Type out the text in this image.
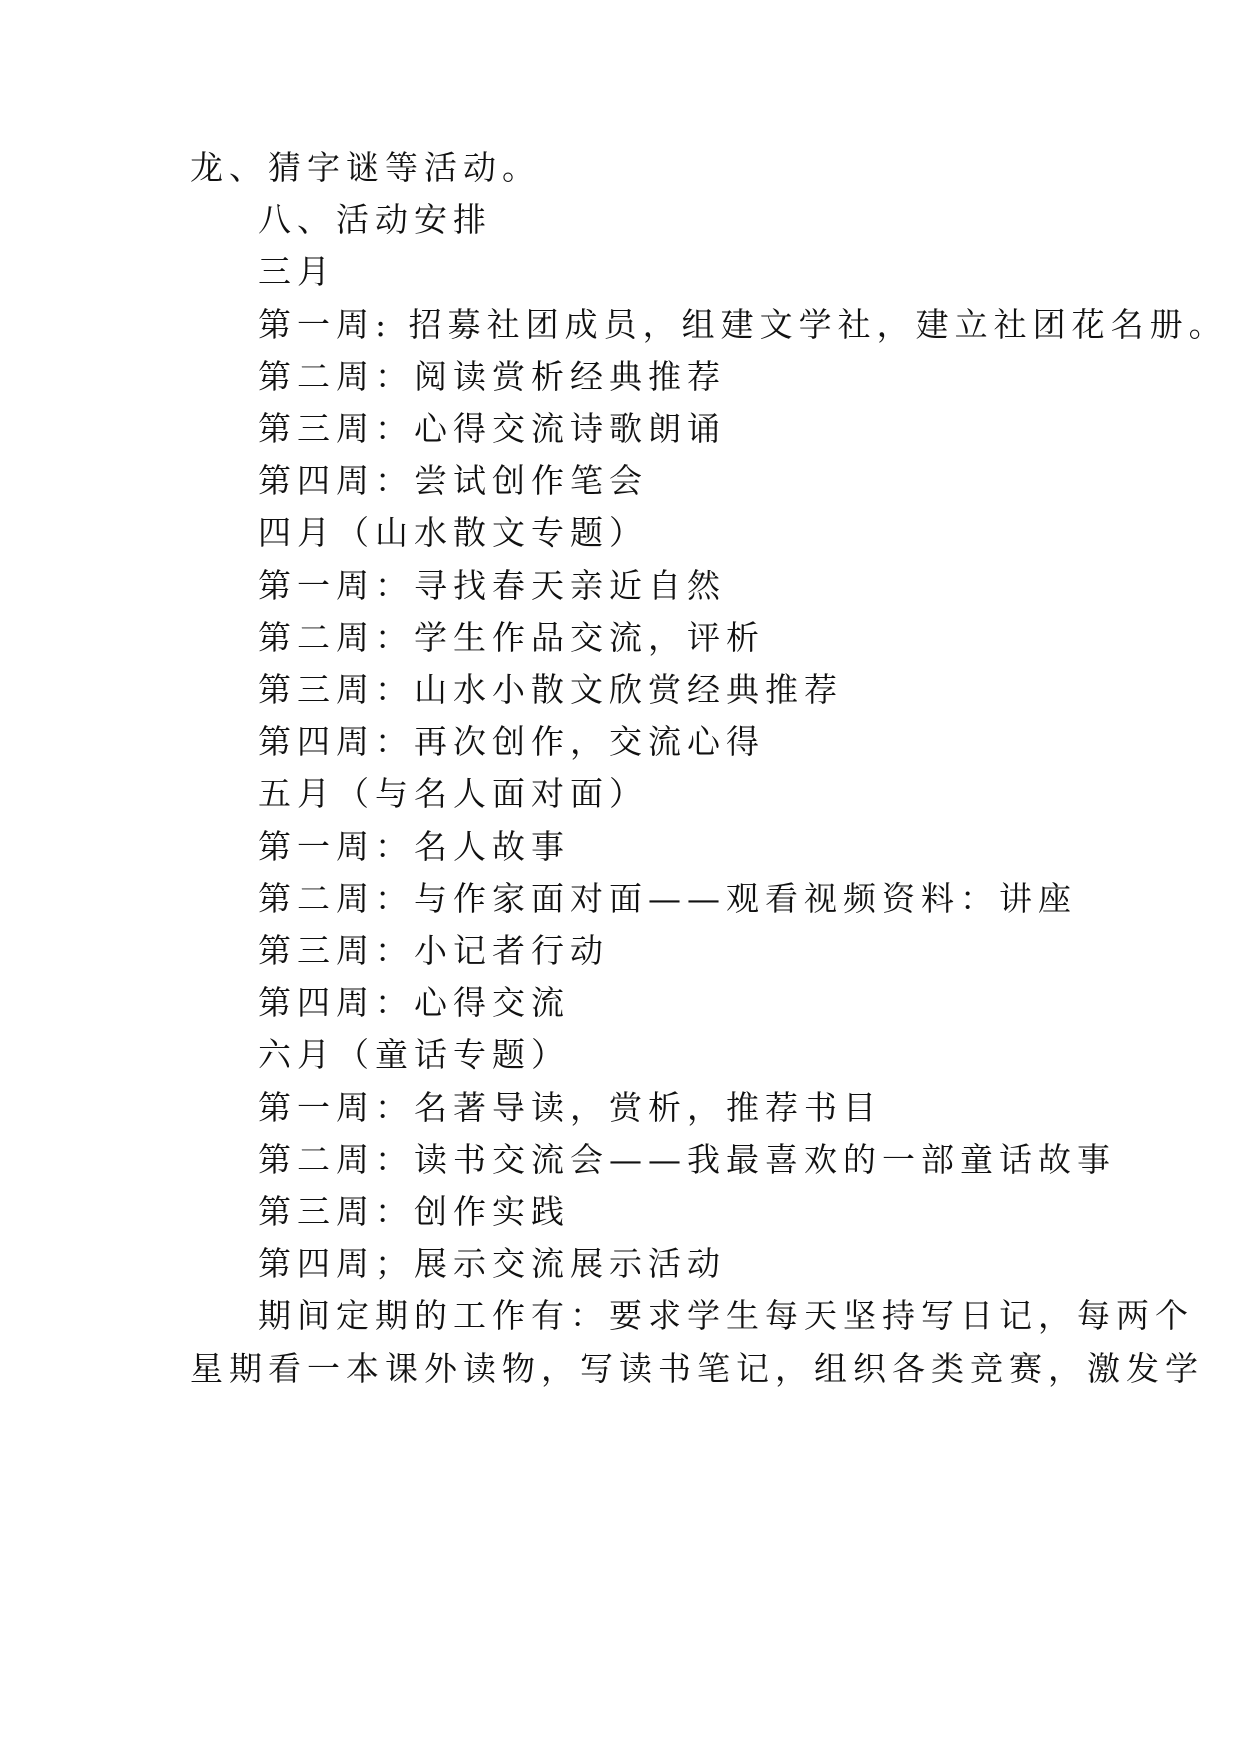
龙、猜字谜等活动。

八、活动安排

三月

第一周: 招募社团成员，组建文学社，建立社团花名册。

第二周：阅读赏析经典推荐

第三周：心得交流诗歌朗诵

第四周：尝试创作笔会

四月（山水散文专题）

第一周：寻找春天亲近自然

第二周：学生作品交流，评析

第三周：山水小散文欣赏经典推荐

第四周：再次创作，交流心得

五月（与名人面对面）

第一周：名人故事

第二周：与作家面对面——观看视频资料：讲座

第三周：小记者行动

第四周：心得交流

六月（童话专题）

第一周：名著导读，赏析，推荐书目

第二周：读书交流会——我最喜欢的一部童话故事

第三周：创作实践

第四周；展示交流展示活动

期间定期的工作有：要求学生每天坚持写日记，每两个

星期看一本课外读物，写读书笔记，组织各类竞赛，激发学
